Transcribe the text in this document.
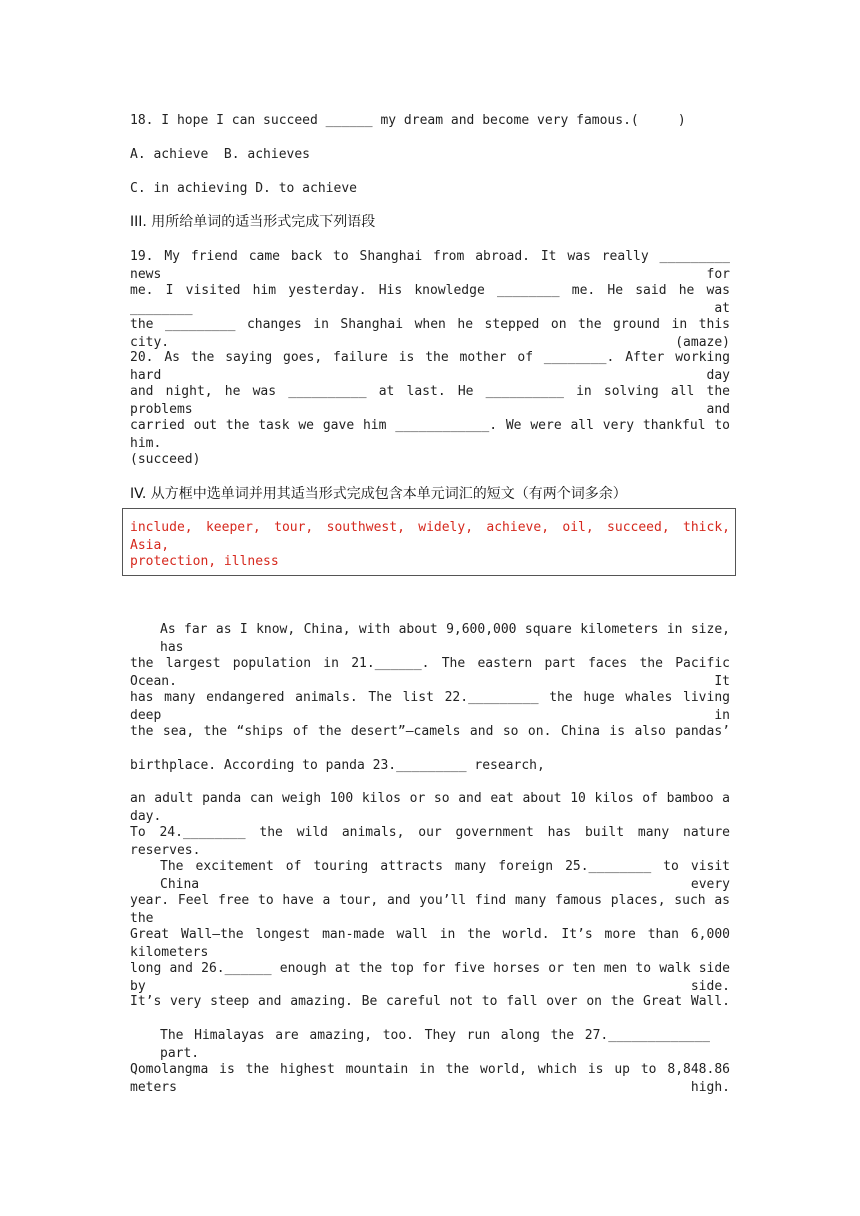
18. I hope I can succeed ______ my dream and become very famous.(     )
A. achieve  B. achieves
C. in achieving D. to achieve
III. 用所给单词的适当形式完成下列语段
19. My friend came back to Shanghai from abroad. It was really _________ news for
me. I visited him yesterday. His knowledge ________ me. He said he was ________ at
the _________ changes in Shanghai when he stepped on the ground in this city. (amaze)
20. As the saying goes, failure is the mother of ________. After working hard day
and night, he was __________ at last. He __________ in solving all the problems and
carried out the task we gave him ____________. We were all very thankful to him.
(succeed)
IV. 从方框中选单词并用其适当形式完成包含本单元词汇的短文（有两个词多余）
include, keeper, tour, southwest, widely, achieve, oil, succeed, thick, Asia,
protection, illness
As far as I know, China, with about 9,600,000 square kilometers in size, has
the largest population in 21.______. The eastern part faces the Pacific Ocean. It
has many endangered animals. The list 22._________ the huge whales living deep in
the sea, the “ships of the desert”—camels and so on. China is also pandas’
birthplace. According to panda 23._________ research,
an adult panda can weigh 100 kilos or so and eat about 10 kilos of bamboo a day.
To 24.________ the wild animals, our government has built many nature reserves.
The excitement of touring attracts many foreign 25.________ to visit China every
year. Feel free to have a tour, and you’ll find many famous places, such as the
Great Wall—the longest man-made wall in the world. It’s more than 6,000 kilometers
long and 26.______ enough at the top for five horses or ten men to walk side by side.
It’s very steep and amazing. Be careful not to fall over on the Great Wall.
The Himalayas are amazing, too. They run along the 27._____________ part.
Qomolangma is the highest mountain in the world, which is up to 8,848.86 meters high.
